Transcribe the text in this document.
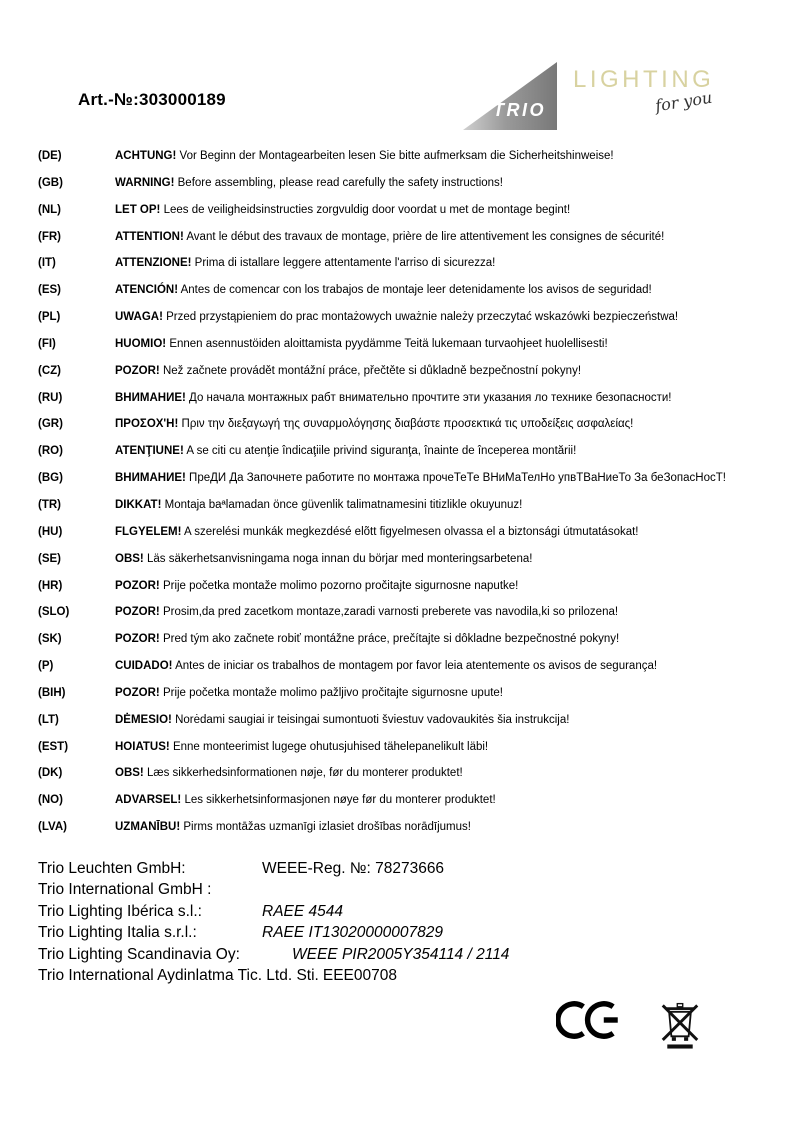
Art.-№:303000189
TRIO
LIGHTING
for you
(DE)	ACHTUNG! Vor Beginn der Montagearbeiten lesen Sie bitte aufmerksam die Sicherheitshinweise!

(GB)	WARNING! Before assembling, please read carefully the safety instructions!

(NL)	LET OP! Lees de veiligheidsinstructies zorgvuldig door voordat u met de montage begint!

(FR)	ATTENTION! Avant le début des travaux de montage, prière de lire attentivement les consignes de sécurité!

(IT)	ATTENZIONE! Prima di istallare leggere attentamente l'arriso di sicurezza!

(ES)	ATENCIÓN! Antes de comencar con los trabajos de montaje leer detenidamente los avisos de seguridad!

(PL)	UWAGA! Przed przystąpieniem do prac montażowych uważnie należy przeczytać wskazówki bezpieczeństwa!

(FI)	HUOMIO! Ennen asennustöiden aloittamista pyydämme Teitä lukemaan turvaohjeet huolellisesti!

(CZ)	POZOR! Než začnete provádět montážní práce, přečtěte si důkladně bezpečnostní pokyny!

(RU)	ВНИМАНИЕ! До начала монтажных рабт внимательно прочтите эти указания ло технике безопасности!

(GR)	ΠΡΟΣΟΧ'Η! Πριν την διεξαγωγή της συναρμολόγησης διαβάστε προσεκτικά τις υποδείξεις ασφαλείας!

(RO)	ATENŢIUNE! A se citi cu atenţie îndicaţiile privind siguranţa, înainte de începerea montării!

(BG)	ВНИМАНИЕ! ПреДИ Да Започнете работите по монтажа прочеТеТе ВНиМаТелНо упвТВаНиеТо За беЗопасНосТ!

(TR)	DIKKAT! Montaja baªlamadan önce güvenlik talimatnamesini titizlikle okuyunuz!

(HU)	FLGYELEM! A szerelési munkák megkezdésé elõtt figyelmesen olvassa el a biztonsági útmutatásokat!

(SE)	OBS! Läs säkerhetsanvisningama noga innan du börjar med monteringsarbetena!

(HR)	POZOR! Prije početka montaže molimo pozorno pročitajte sigurnosne naputke!

(SLO)	POZOR! Prosim,da pred zacetkom montaze,zaradi varnosti preberete vas navodila,ki so prilozena!

(SK)	POZOR! Pred tým ako začnete robiť montážne práce, prečítajte si dôkladne bezpečnostné pokyny!

(P)	CUIDADO! Antes de iniciar os trabalhos de montagem por favor leia atentemente os avisos de segurança!

(BIH)	POZOR! Prije početka montaže molimo pažljivo pročitajte sigurnosne upute!

(LT)	DĖMESIO! Norėdami saugiai ir teisingai sumontuoti šviestuv vadovaukitės šia instrukcija!

(EST)	HOIATUS! Enne monteerimist lugege ohutusjuhised tähelepanelikult läbi!

(DK)	OBS! Læs sikkerhedsinformationen nøje, før du monterer produktet!

(NO)	ADVARSEL! Les sikkerhetsinformasjonen nøye før du monterer produktet!

(LVA)	UZMANĪBU! Pirms montāžas uzmanīgi izlasiet drošības norādījumus!

Trio Leuchten GmbH:	WEEE-Reg. №: 78273666
Trio International GmbH :
Trio Lighting Ibérica s.l.:	RAEE 4544
Trio Lighting Italia s.r.l.:	RAEE IT13020000007829
Trio Lighting Scandinavia Oy:	WEEE PIR2005Y354114 / 2114
Trio International Aydinlatma Tic. Ltd. Sti. EEE00708
